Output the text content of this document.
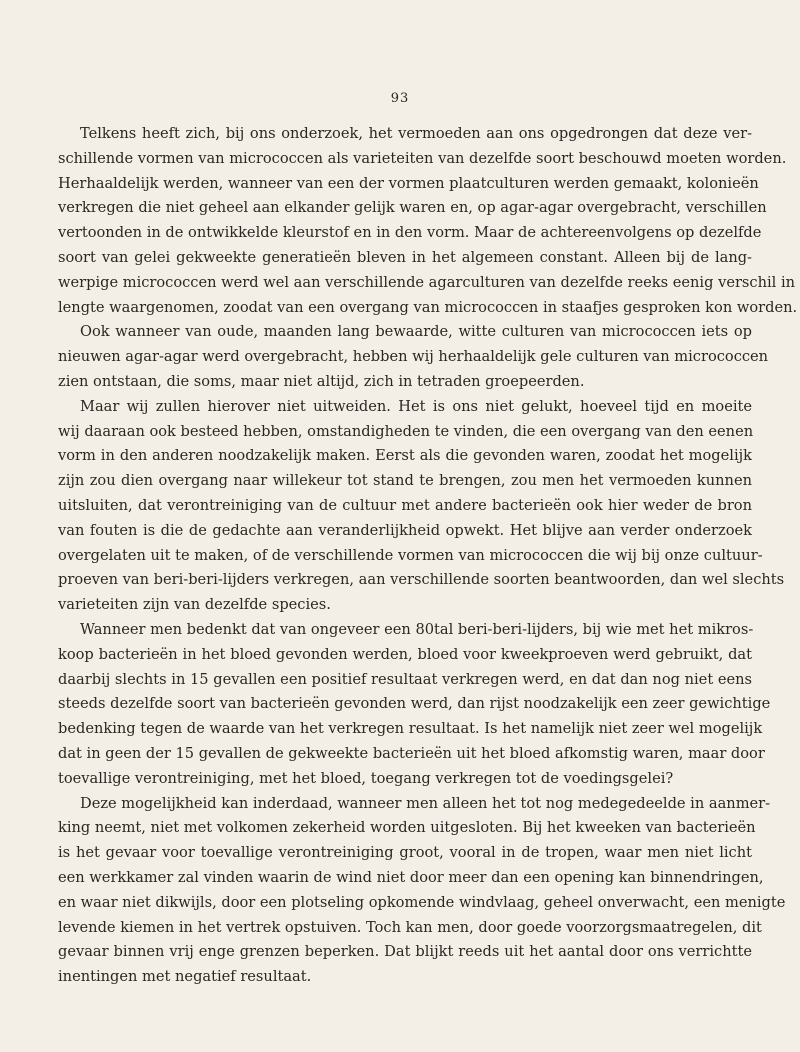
93
Telkens heeft zich, bij ons onderzoek, het vermoeden aan ons opgedrongen dat deze ver-
schillende vormen van micrococcen als varieteiten van dezelfde soort beschouwd moeten worden.
Herhaaldelijk werden, wanneer van een der vormen plaatculturen werden gemaakt, kolonieën
verkregen die niet geheel aan elkander gelijk waren en, op agar-agar overgebracht, verschillen
vertoonden in de ontwikkelde kleurstof en in den vorm. Maar de achtereenvolgens op dezelfde
soort van gelei gekweekte generatieën bleven in het algemeen constant. Alleen bij de lang-
werpige micrococcen werd wel aan verschillende agarculturen van dezelfde reeks eenig verschil in
lengte waargenomen, zoodat van een overgang van micrococcen in staafjes gesproken kon worden.
Ook wanneer van oude, maanden lang bewaarde, witte culturen van micrococcen iets op
nieuwen agar-agar werd overgebracht, hebben wij herhaaldelijk gele culturen van micrococcen
zien ontstaan, die soms, maar niet altijd, zich in tetraden groepeerden.
Maar wij zullen hierover niet uitweiden. Het is ons niet gelukt, hoeveel tijd en moeite
wij daaraan ook besteed hebben, omstandigheden te vinden, die een overgang van den eenen
vorm in den anderen noodzakelijk maken. Eerst als die gevonden waren, zoodat het mogelijk
zijn zou dien overgang naar willekeur tot stand te brengen, zou men het vermoeden kunnen
uitsluiten, dat verontreiniging van de cultuur met andere bacterieën ook hier weder de bron
van fouten is die de gedachte aan veranderlijkheid opwekt. Het blijve aan verder onderzoek
overgelaten uit te maken, of de verschillende vormen van micrococcen die wij bij onze cultuur-
proeven van beri-beri-lijders verkregen, aan verschillende soorten beantwoorden, dan wel slechts
varieteiten zijn van dezelfde species.
Wanneer men bedenkt dat van ongeveer een 80tal beri-beri-lijders, bij wie met het mikros-
koop bacterieën in het bloed gevonden werden, bloed voor kweekproeven werd gebruikt, dat
daarbij slechts in 15 gevallen een positief resultaat verkregen werd, en dat dan nog niet eens
steeds dezelfde soort van bacterieën gevonden werd, dan rijst noodzakelijk een zeer gewichtige
bedenking tegen de waarde van het verkregen resultaat. Is het namelijk niet zeer wel mogelijk
dat in geen der 15 gevallen de gekweekte bacterieën uit het bloed afkomstig waren, maar door
toevallige verontreiniging, met het bloed, toegang verkregen tot de voedingsgelei?
Deze mogelijkheid kan inderdaad, wanneer men alleen het tot nog medegedeelde in aanmer-
king neemt, niet met volkomen zekerheid worden uitgesloten. Bij het kweeken van bacterieën
is het gevaar voor toevallige verontreiniging groot, vooral in de tropen, waar men niet licht
een werkkamer zal vinden waarin de wind niet door meer dan een opening kan binnendringen,
en waar niet dikwijls, door een plotseling opkomende windvlaag, geheel onverwacht, een menigte
levende kiemen in het vertrek opstuiven. Toch kan men, door goede voorzorgsmaatregelen, dit
gevaar binnen vrij enge grenzen beperken. Dat blijkt reeds uit het aantal door ons verrichtte
inentingen met negatief resultaat.
